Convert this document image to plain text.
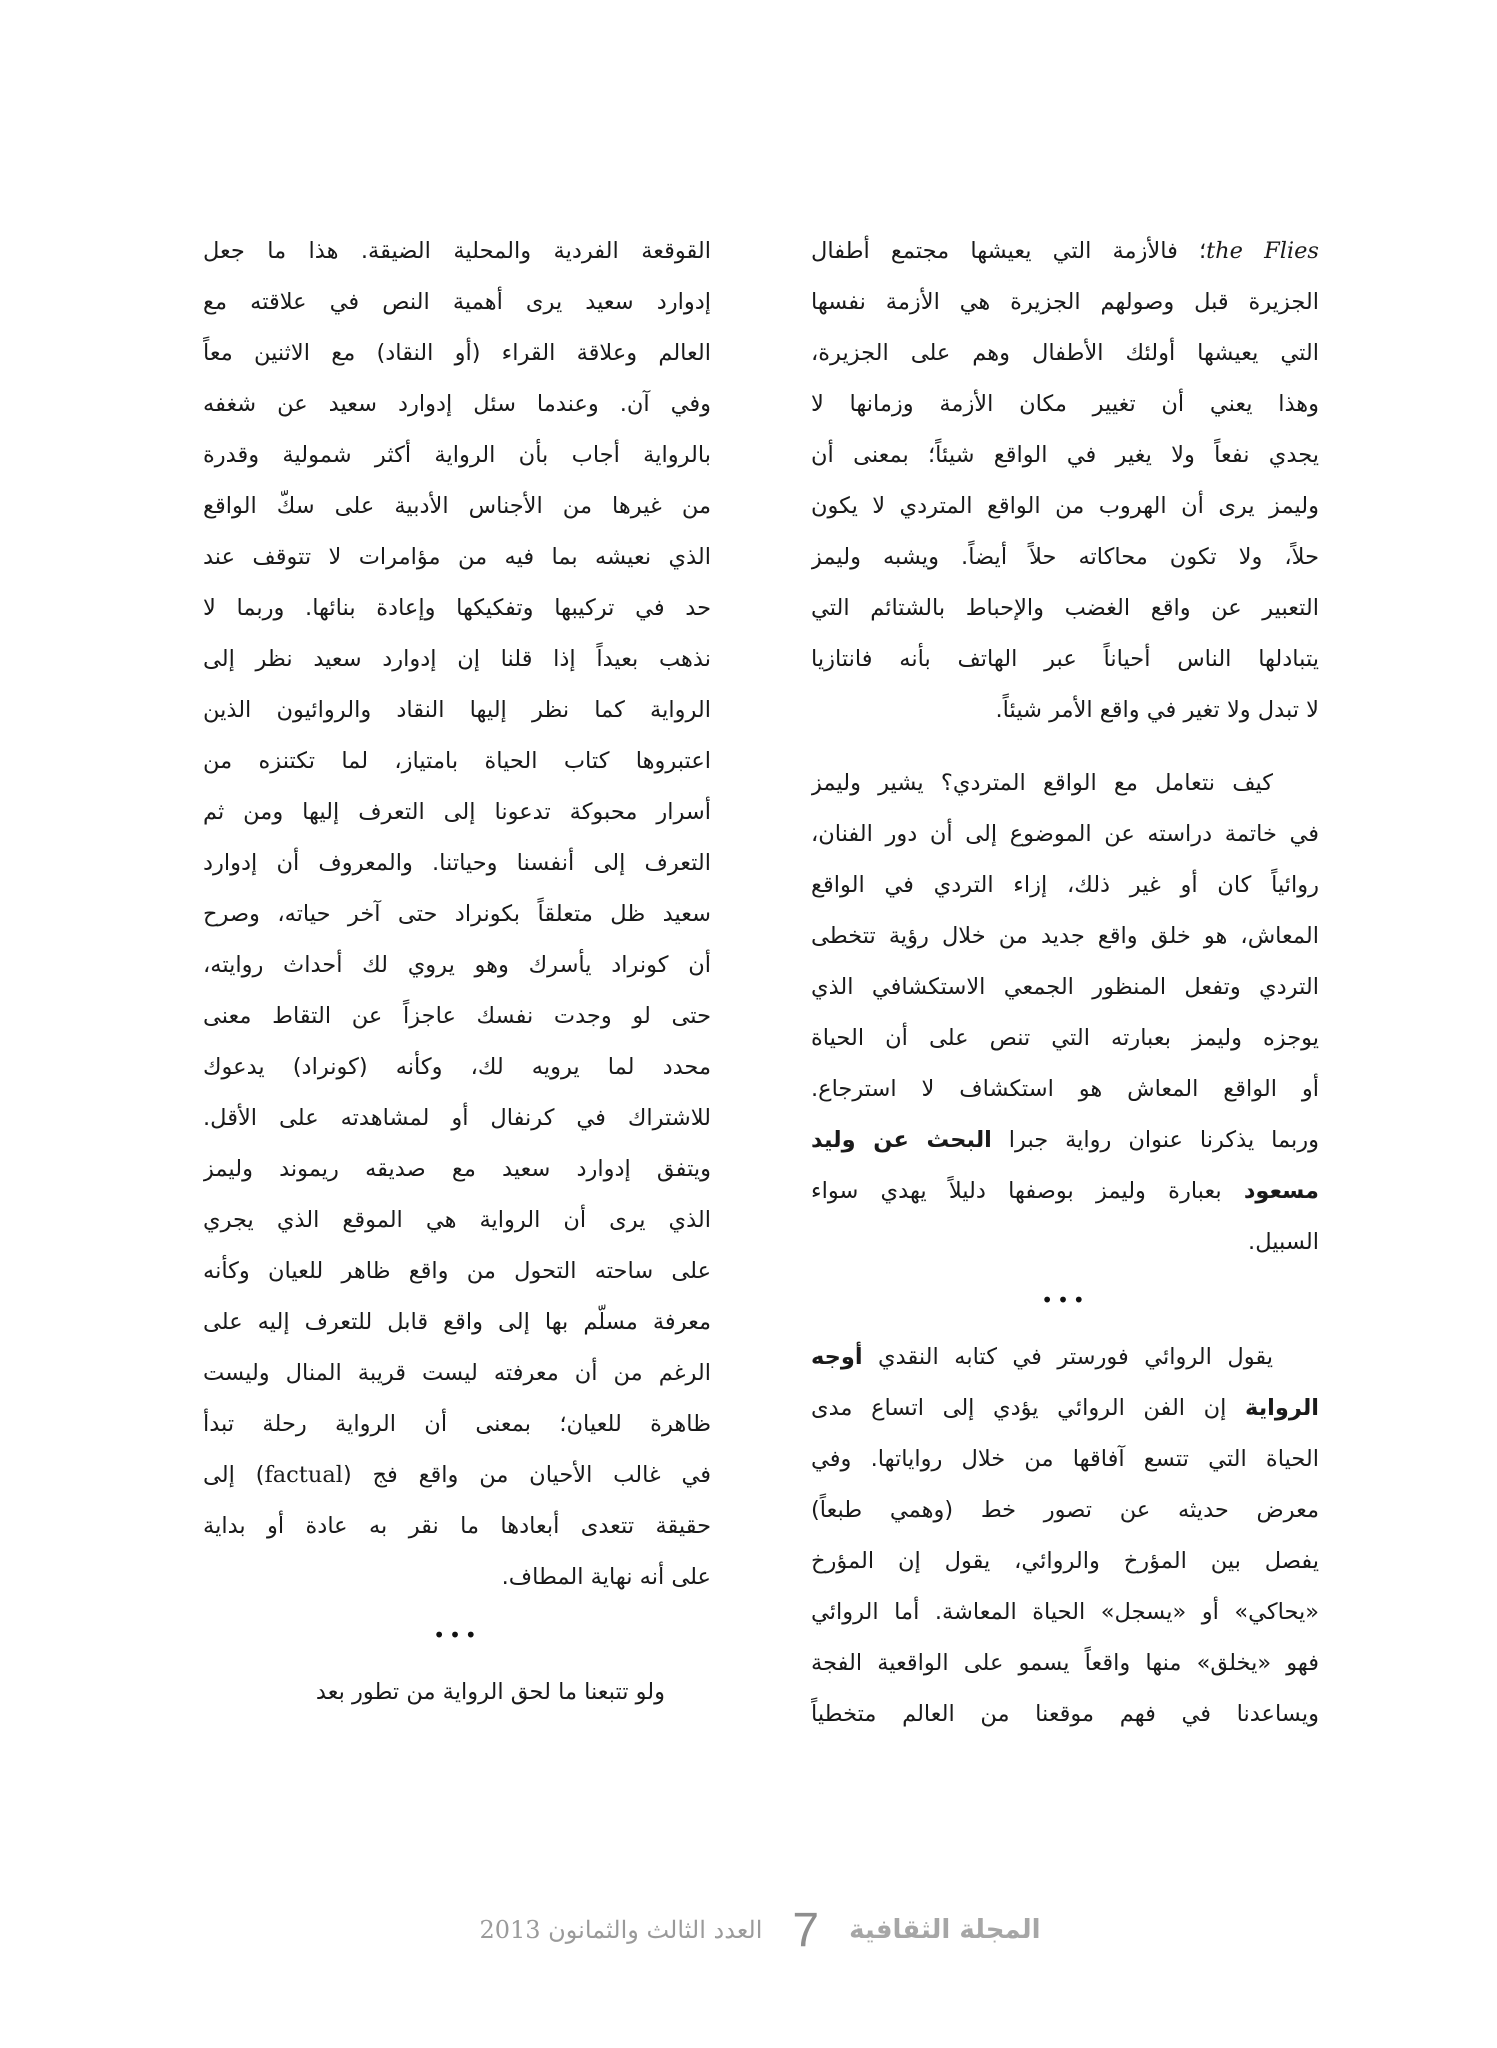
the Flies؛ فالأزمة التي يعيشها مجتمع أطفال
الجزيرة قبل وصولهم الجزيرة هي الأزمة نفسها
التي يعيشها أولئك الأطفال وهم على الجزيرة،
وهذا يعني أن تغيير مكان الأزمة وزمانها لا
يجدي نفعاً ولا يغير في الواقع شيئاً؛ بمعنى أن
وليمز يرى أن الهروب من الواقع المتردي لا يكون
حلاً، ولا تكون محاكاته حلاً أيضاً. ويشبه وليمز
التعبير عن واقع الغضب والإحباط بالشتائم التي
يتبادلها الناس أحياناً عبر الهاتف بأنه فانتازيا
لا تبدل ولا تغير في واقع الأمر شيئاً.
كيف نتعامل مع الواقع المتردي؟ يشير وليمز
في خاتمة دراسته عن الموضوع إلى أن دور الفنان،
روائياً كان أو غير ذلك، إزاء التردي في الواقع
المعاش، هو خلق واقع جديد من خلال رؤية تتخطى
التردي وتفعل المنظور الجمعي الاستكشافي الذي
يوجزه وليمز بعبارته التي تنص على أن الحياة
أو الواقع المعاش هو استكشاف لا استرجاع.
وربما يذكرنا عنوان رواية جبرا البحث عن وليد
مسعود بعبارة وليمز بوصفها دليلاً يهدي سواء
السبيل.
•••
يقول الروائي فورستر في كتابه النقدي أوجه
الرواية إن الفن الروائي يؤدي إلى اتساع مدى
الحياة التي تتسع آفاقها من خلال رواياتها. وفي
معرض حديثه عن تصور خط (وهمي طبعاً)
يفصل بين المؤرخ والروائي، يقول إن المؤرخ
«يحاكي» أو «يسجل» الحياة المعاشة. أما الروائي
فهو «يخلق» منها واقعاً يسمو على الواقعية الفجة
ويساعدنا في فهم موقعنا من العالم متخطياً
القوقعة الفردية والمحلية الضيقة. هذا ما جعل
إدوارد سعيد يرى أهمية النص في علاقته مع
العالم وعلاقة القراء (أو النقاد) مع الاثنين معاً
وفي آن. وعندما سئل إدوارد سعيد عن شغفه
بالرواية أجاب بأن الرواية أكثر شمولية وقدرة
من غيرها من الأجناس الأدبية على سكّ الواقع
الذي نعيشه بما فيه من مؤامرات لا تتوقف عند
حد في تركيبها وتفكيكها وإعادة بنائها. وربما لا
نذهب بعيداً إذا قلنا إن إدوارد سعيد نظر إلى
الرواية كما نظر إليها النقاد والروائيون الذين
اعتبروها كتاب الحياة بامتياز، لما تكتنزه من
أسرار محبوكة تدعونا إلى التعرف إليها ومن ثم
التعرف إلى أنفسنا وحياتنا. والمعروف أن إدوارد
سعيد ظل متعلقاً بكونراد حتى آخر حياته، وصرح
أن كونراد يأسرك وهو يروي لك أحداث روايته،
حتى لو وجدت نفسك عاجزاً عن التقاط معنى
محدد لما يرويه لك، وكأنه (كونراد) يدعوك
للاشتراك في كرنفال أو لمشاهدته على الأقل.
ويتفق إدوارد سعيد مع صديقه ريموند وليمز
الذي يرى أن الرواية هي الموقع الذي يجري
على ساحته التحول من واقع ظاهر للعيان وكأنه
معرفة مسلّم بها إلى واقع قابل للتعرف إليه على
الرغم من أن معرفته ليست قريبة المنال وليست
ظاهرة للعيان؛ بمعنى أن الرواية رحلة تبدأ
في غالب الأحيان من واقع فج (factual) إلى
حقيقة تتعدى أبعادها ما نقر به عادة أو بداية
على أنه نهاية المطاف.
•••
ولو تتبعنا ما لحق الرواية من تطور بعد
المجلة الثقافية
7
العدد الثالث والثمانون 2013
